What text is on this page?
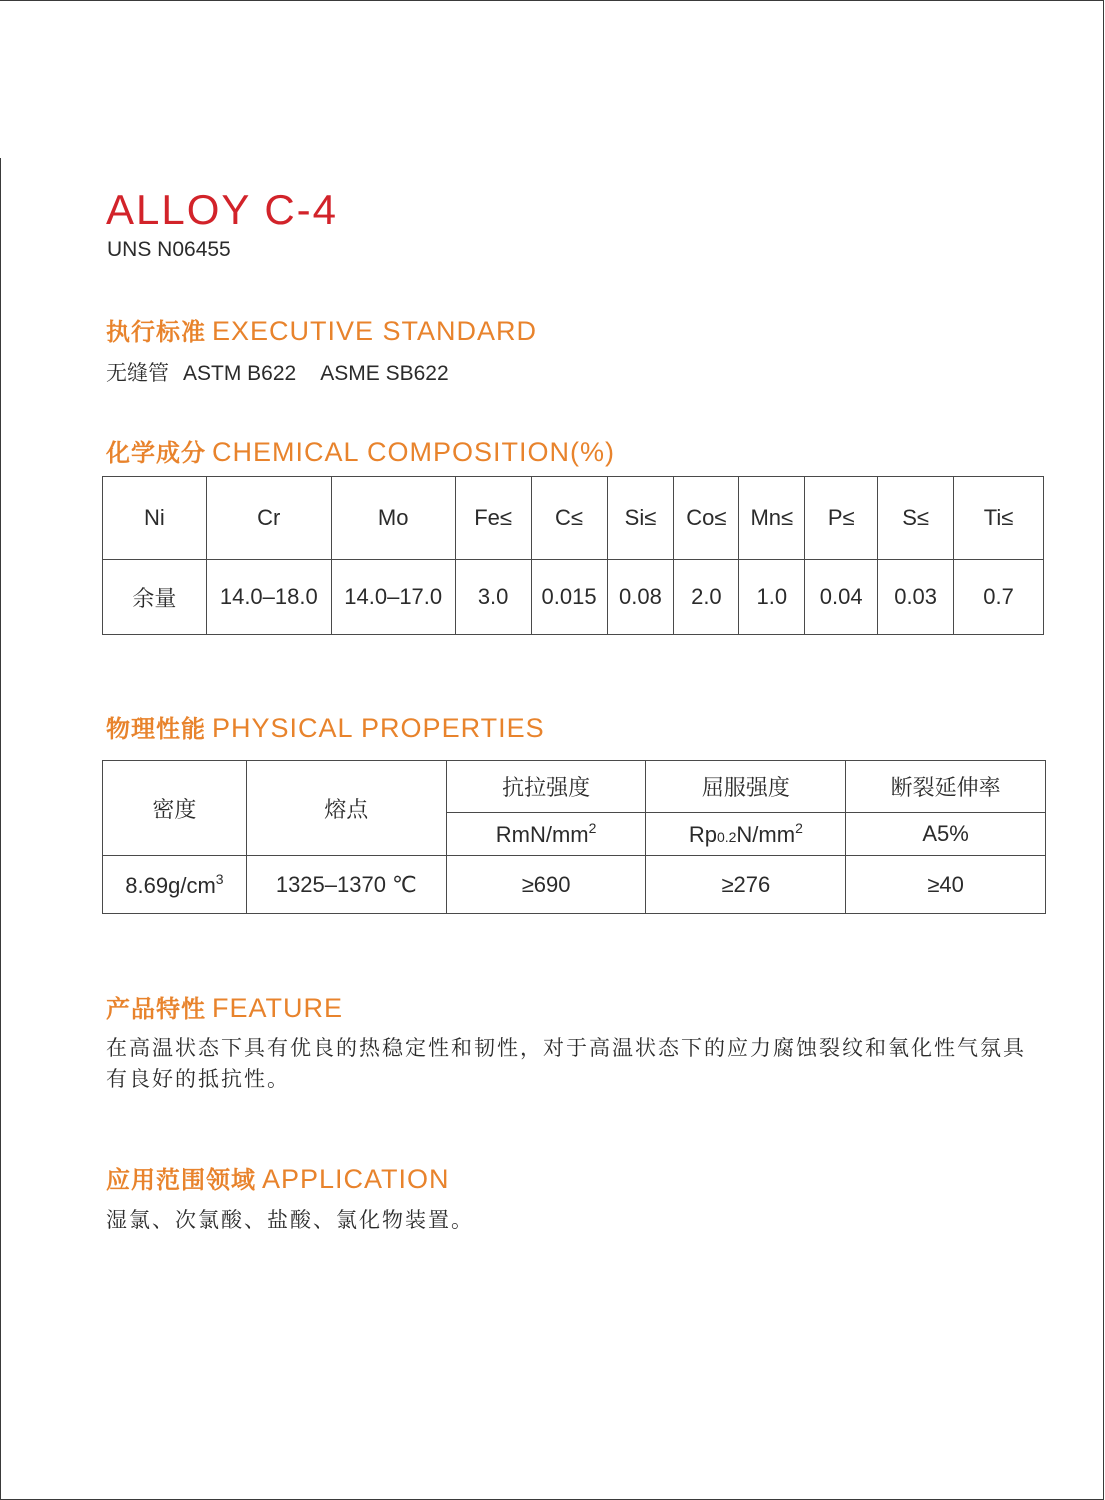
ALLOY C-4
UNS N06455
执行标准 EXECUTIVE STANDARD
无缝管 ASTM B622 ASME SB622
化学成分 CHEMICAL COMPOSITION(%)
Ni	Cr	Mo	Fe≤	C≤	Si≤	Co≤	Mn≤	P≤	S≤	Ti≤
余量	14.0–18.0	14.0–17.0	3.0	0.015	0.08	2.0	1.0	0.04	0.03	0.7
物理性能 PHYSICAL PROPERTIES
密度	熔点	抗拉强度	屈服强度	断裂延伸率
		RmN/$mm^2$	$Rp0.2N/mm^2$	A5%
$8.69g/cm^3$	1325–1370 ℃	≥690	≥276	≥40
产品特性 FEATURE
在高温状态下具有优良的热稳定性和韧性，对于高温状态下的应力腐蚀裂纹和氧化性气氛具有良好的抵抗性。
应用范围领域 APPLICATION
湿氯、次氯酸、盐酸、氯化物装置。
